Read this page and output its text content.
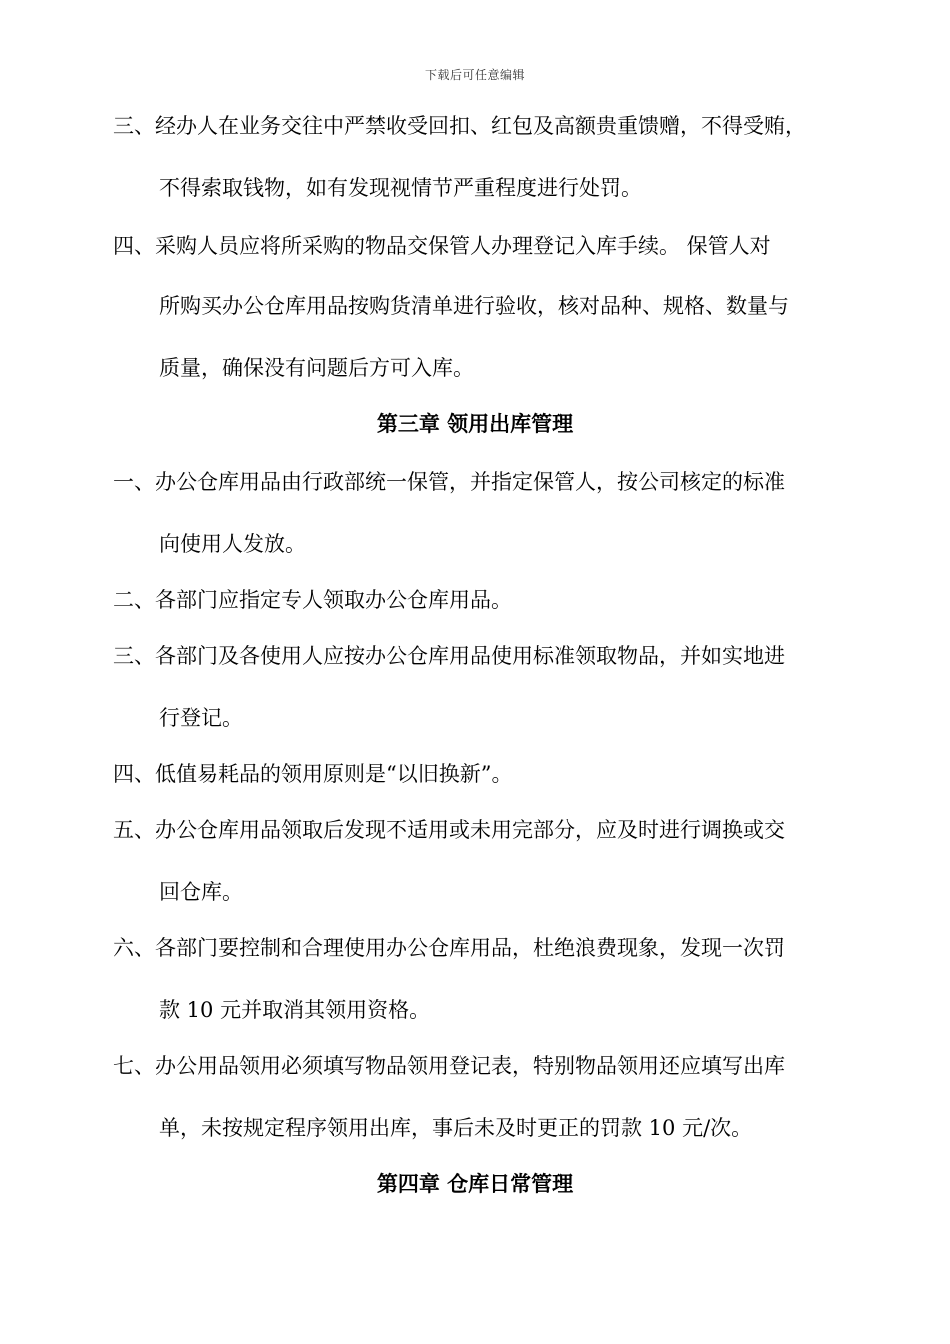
下载后可任意编辑
三、经办人在业务交往中严禁收受回扣、红包及高额贵重馈赠，不得受贿，
不得索取钱物，如有发现视情节严重程度进行处罚。
四、采购人员应将所采购的物品交保管人办理登记入库手续。 保管人对
所购买办公仓库用品按购货清单进行验收，核对品种、规格、数量与
质量，确保没有问题后方可入库。
第三章 领用出库管理
一、办公仓库用品由行政部统一保管，并指定保管人，按公司核定的标准
向使用人发放。
二、各部门应指定专人领取办公仓库用品。
三、各部门及各使用人应按办公仓库用品使用标准领取物品，并如实地进
行登记。
四、低值易耗品的领用原则是“以旧换新”。
五、办公仓库用品领取后发现不适用或未用完部分，应及时进行调换或交
回仓库。
六、各部门要控制和合理使用办公仓库用品，杜绝浪费现象，发现一次罚
款 10 元并取消其领用资格。
七、办公用品领用必须填写物品领用登记表，特别物品领用还应填写出库
单，未按规定程序领用出库，事后未及时更正的罚款 10 元/次。
第四章 仓库日常管理
